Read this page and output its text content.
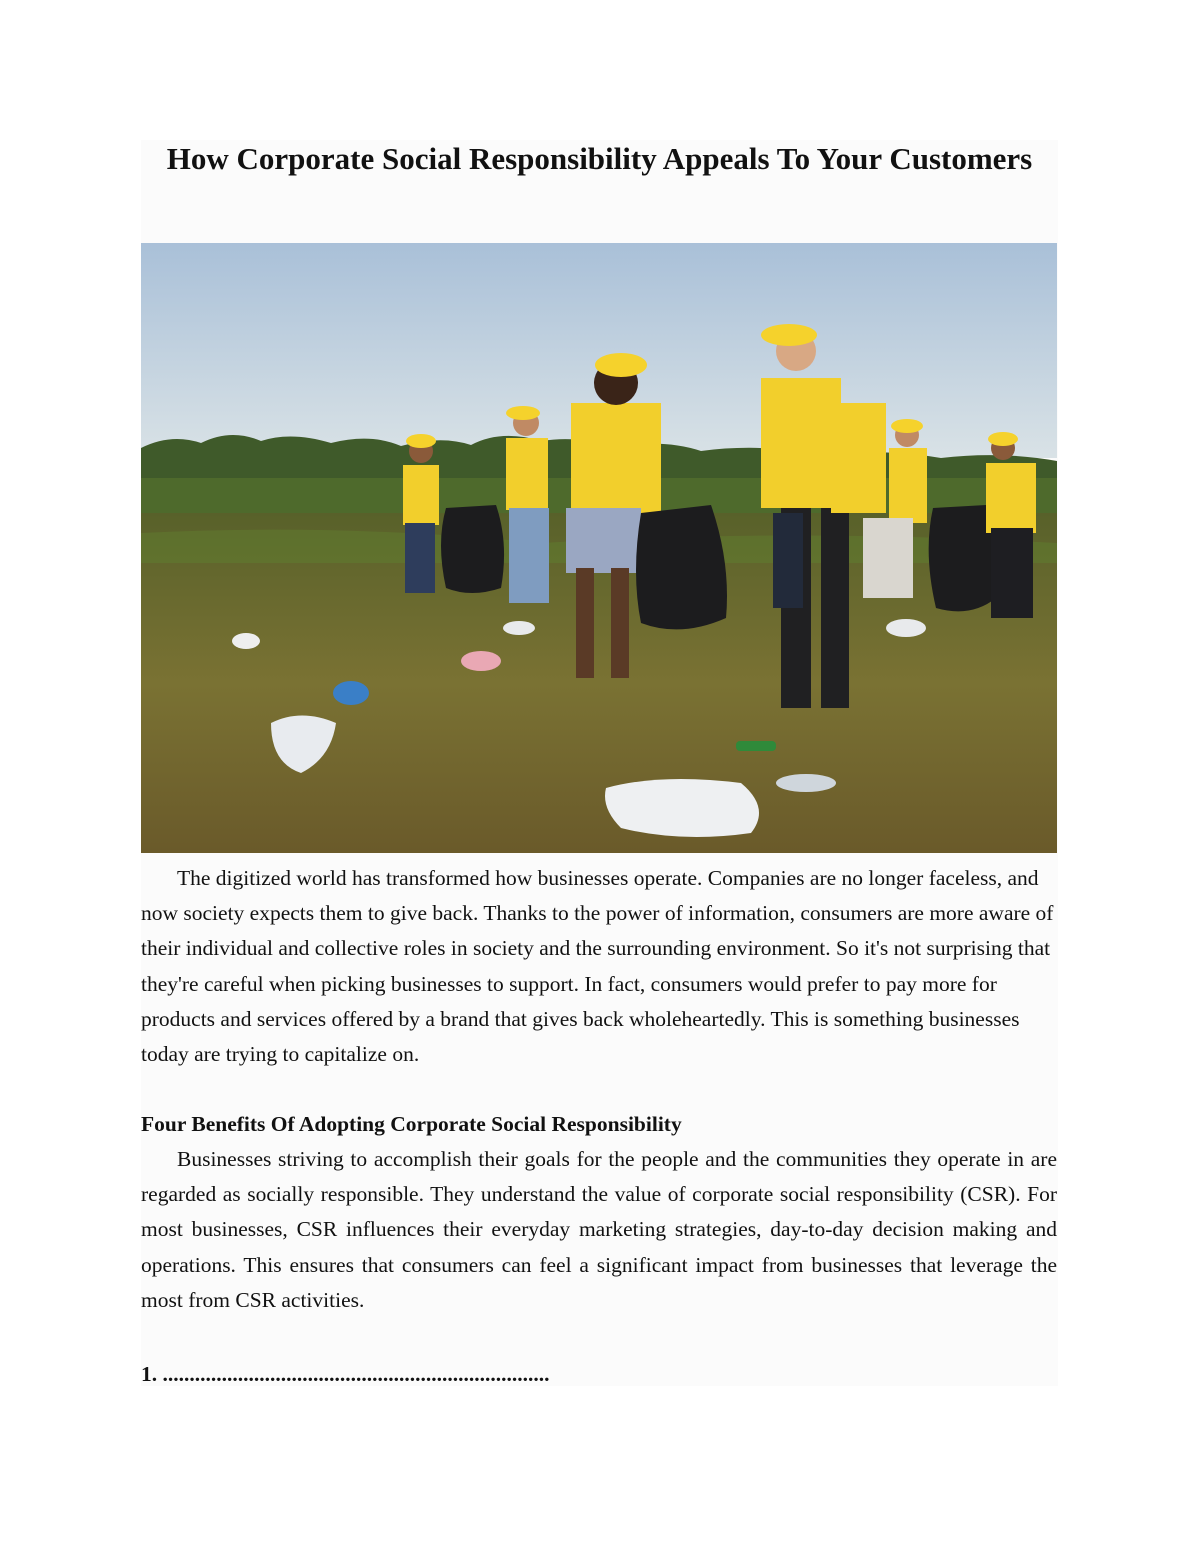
How Corporate Social Responsibility Appeals To Your Customers

The digitized world has transformed how businesses operate. Companies are no longer faceless, and now society expects them to give back. Thanks to the power of information, consumers are more aware of their individual and collective roles in society and the surrounding environment. So it's not surprising that they're careful when picking businesses to support. In fact, consumers would prefer to pay more for products and services offered by a brand that gives back wholeheartedly. This is something businesses today are trying to capitalize on.

Four Benefits Of Adopting Corporate Social Responsibility

Businesses striving to accomplish their goals for the people and the communities they operate in are regarded as socially responsible. They understand the value of corporate social responsibility (CSR). For most businesses, CSR influences their everyday marketing strategies, day-to-day decision making and operations. This ensures that consumers can feel a significant impact from businesses that leverage the most from CSR activities.

1. ........................................................................
